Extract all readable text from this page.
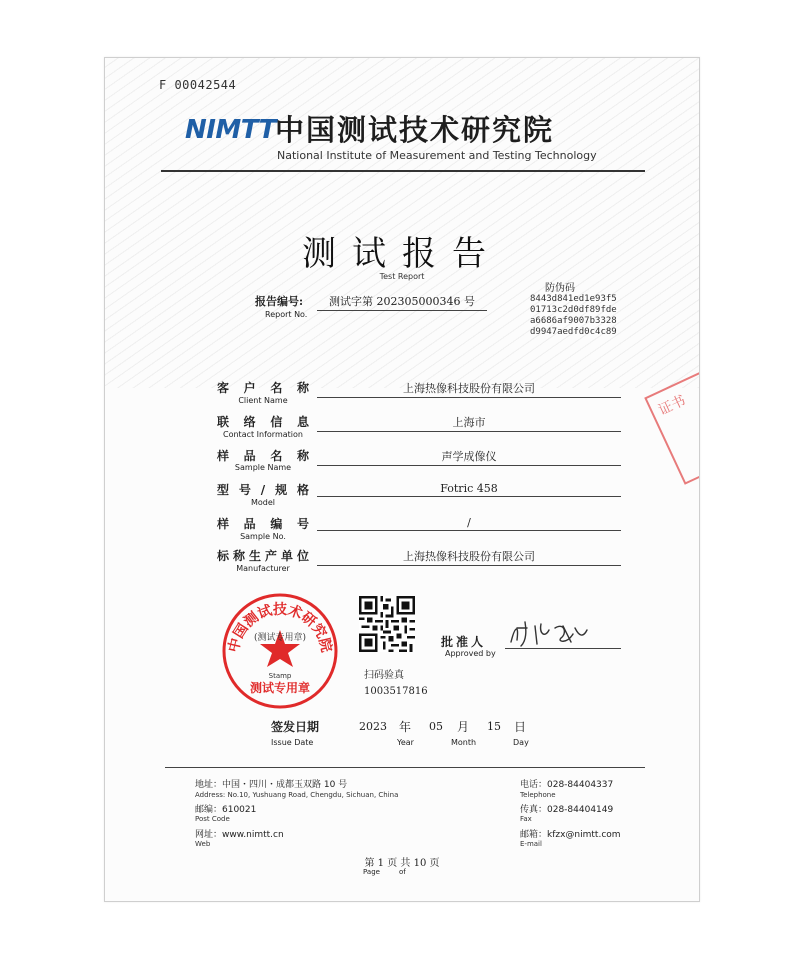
F 00042544
NIMTT 中国测试技术研究院
National Institute of Measurement and Testing Technology
测试报告
Test Report
报告编号:
Report No.
测试字第 202305000346 号
防伪码
8443d841ed1e93f5
01713c2d0df89fde
a6686af9007b3328
d9947aedfd0c4c89
客户名称
Client Name
上海热像科技股份有限公司
联络信息
Contact Information
上海市
样品名称
Sample Name
声学成像仪
型号/规格
Model
Fotric 458
样品编号
Sample No.
/
标称生产单位
Manufacturer
上海热像科技股份有限公司
证书
中国测试技术研究院
(测试专用章)
Stamp
测试专用章
扫码验真
1003517816
批准人
Approved by
签发日期
Issue Date
2023 年
Year
05 月
Month
15 日
Day
地址：中国・四川・成都玉双路 10 号
Address: No.10, Yushuang Road, Chengdu, Sichuan, China
邮编：610021
Post Code
网址：www.nimtt.cn
Web
电话：028-84404337
Telephone
传真：028-84404149
Fax
邮箱：kfzx@nimtt.com
E-mail
第 1 页 共 10 页
Page	of
